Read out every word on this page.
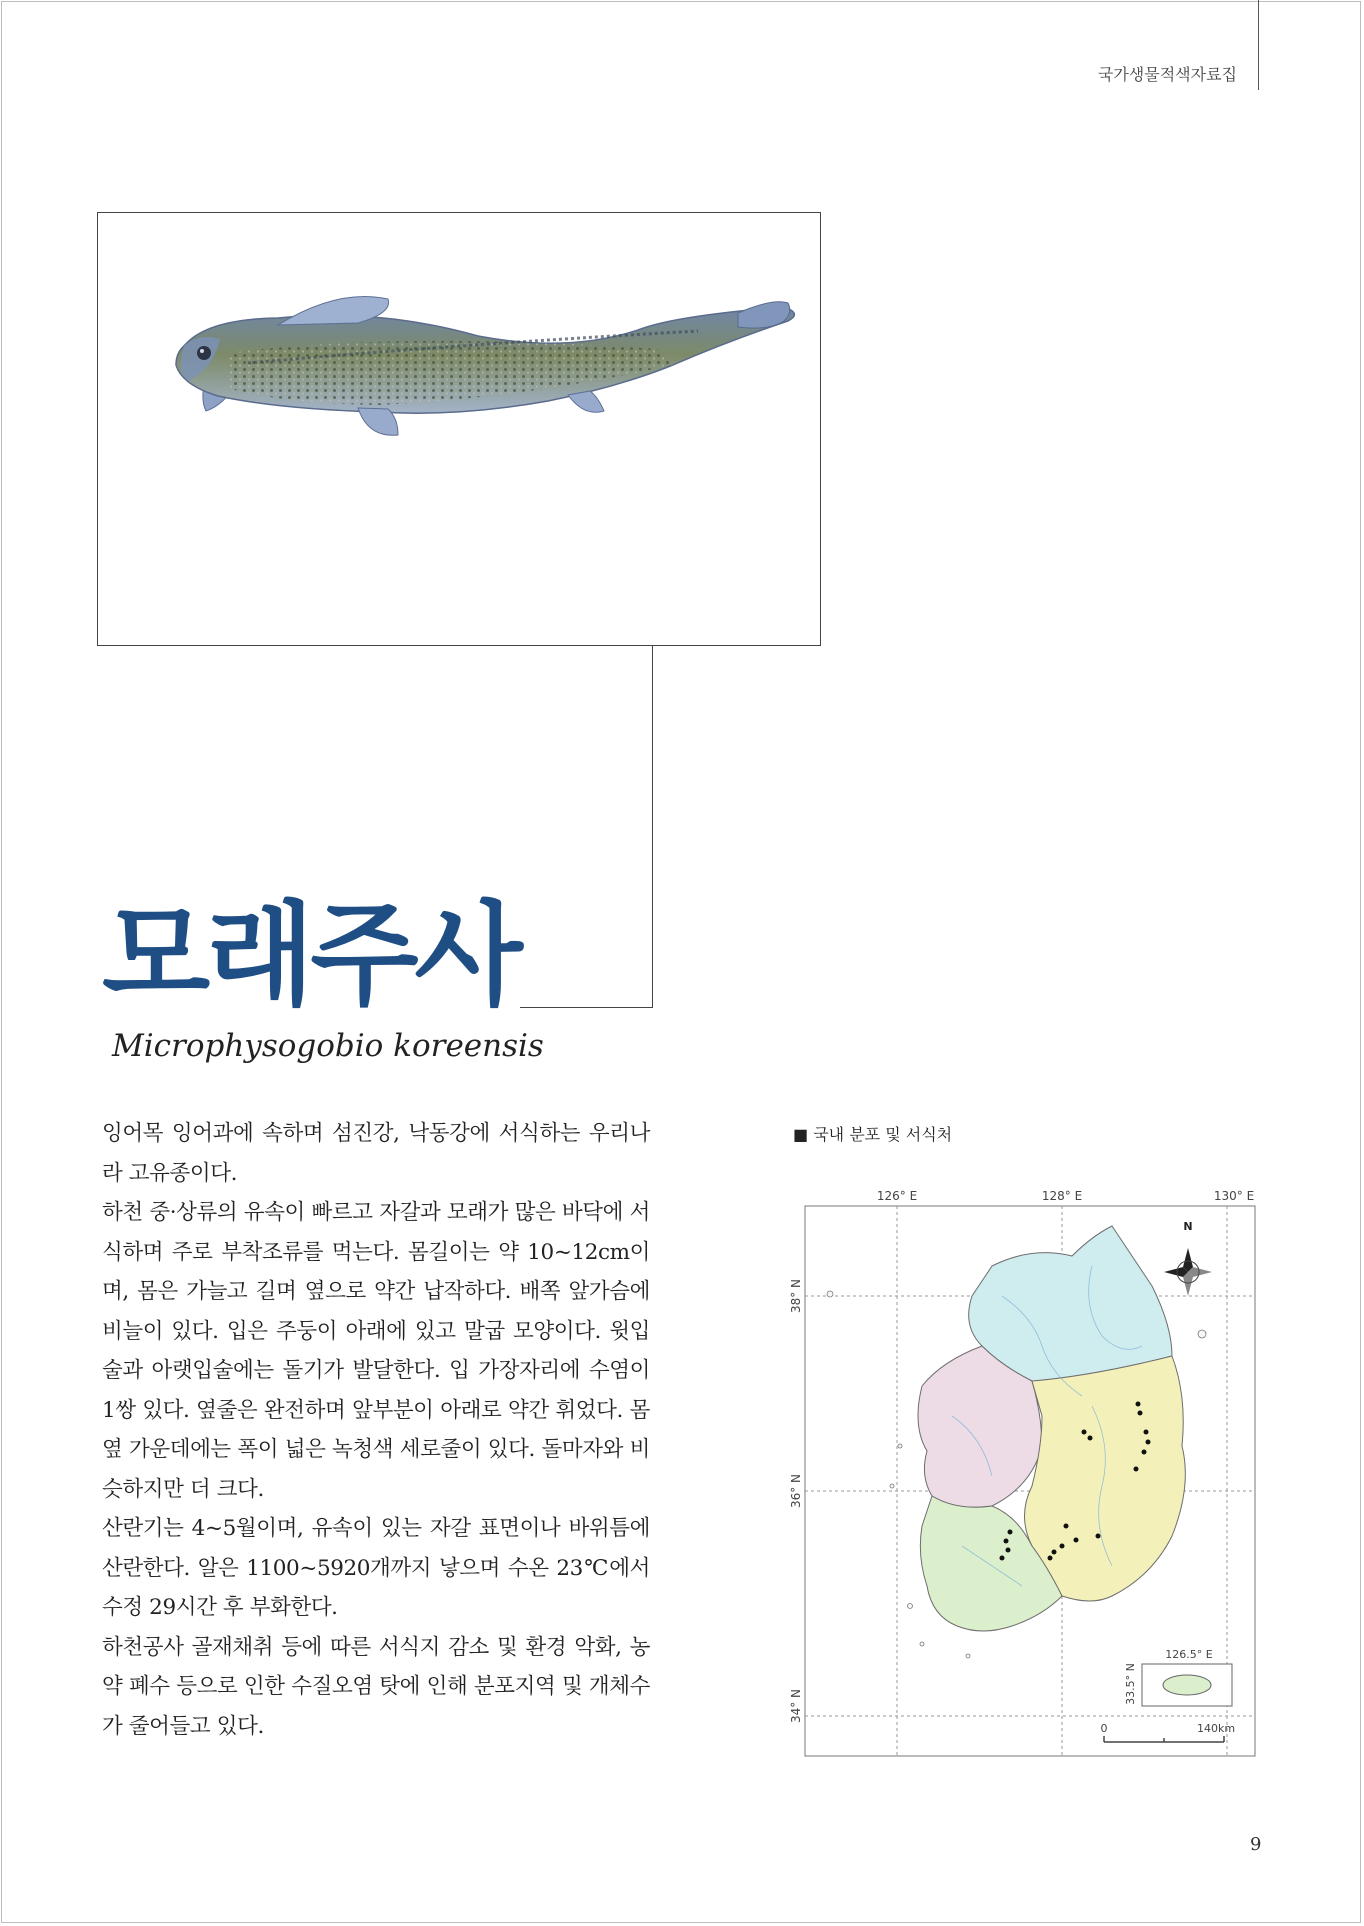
국가생물적색자료집
모래주사
Microphysogobio koreensis

잉어목 잉어과에 속하며 섬진강, 낙동강에 서식하는 우리나라 고유종이다.

하천 중·상류의 유속이 빠르고 자갈과 모래가 많은 바닥에 서식하며 주로 부착조류를 먹는다. 몸길이는 약 10~12cm이며, 몸은 가늘고 길며 옆으로 약간 납작하다. 배쪽 앞가슴에 비늘이 있다. 입은 주둥이 아래에 있고 말굽 모양이다. 윗입술과 아랫입술에는 돌기가 발달한다. 입 가장자리에 수염이 1쌍 있다. 옆줄은 완전하며 앞부분이 아래로 약간 휘었다. 몸 옆 가운데에는 폭이 넓은 녹청색 세로줄이 있다. 돌마자와 비슷하지만 더 크다.

산란기는 4~5월이며, 유속이 있는 자갈 표면이나 바위틈에 산란한다. 알은 1100~5920개까지 낳으며 수온 23℃에서 수정 29시간 후 부화한다.

하천공사 골재채취 등에 따른 서식지 감소 및 환경 악화, 농약 폐수 등으로 인한 수질오염 탓에 인해 분포지역 및 개체수가 줄어들고 있다.

■ 국내 분포 및 서식처
126° E	128° E	130° E
38° N
36° N
34° N
N
126.5° E
33.5° N
0	140km
9
